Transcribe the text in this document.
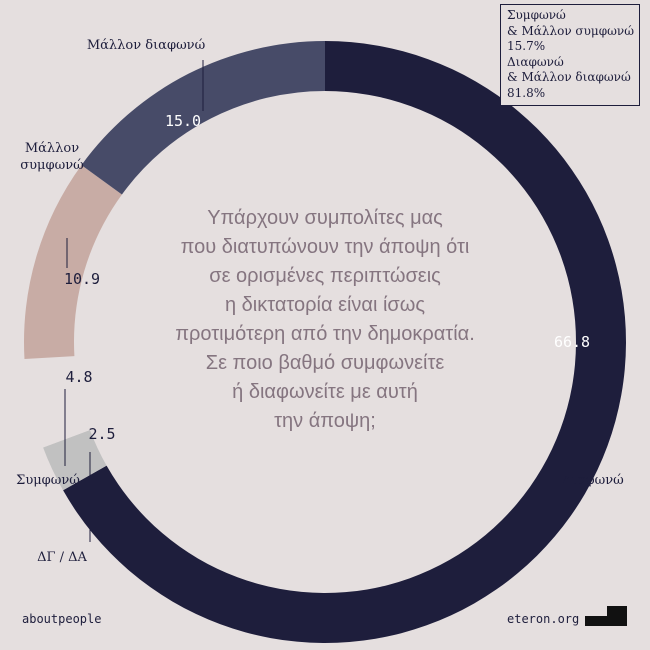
66.8
Διαφωνώ
2.5
ΔΓ / ΔΑ
4.8
Συμφωνώ
10.9
Μάλλον συμφωνώ
15.0
Μάλλον διαφωνώ
Υπάρχουν συμπολίτες μας
που διατυπώνουν την άποψη ότι
σε ορισμένες περιπτώσεις
η δικτατορία είναι ίσως
προτιμότερη από την δημοκρατία.
Σε ποιο βαθμό συμφωνείτε
ή διαφωνείτε με αυτή
την άποψη;
Συμφωνώ
& Μάλλον συμφωνώ
15.7%
Διαφωνώ
& Μάλλον διαφωνώ
81.8%
aboutpeople	eteron.org
